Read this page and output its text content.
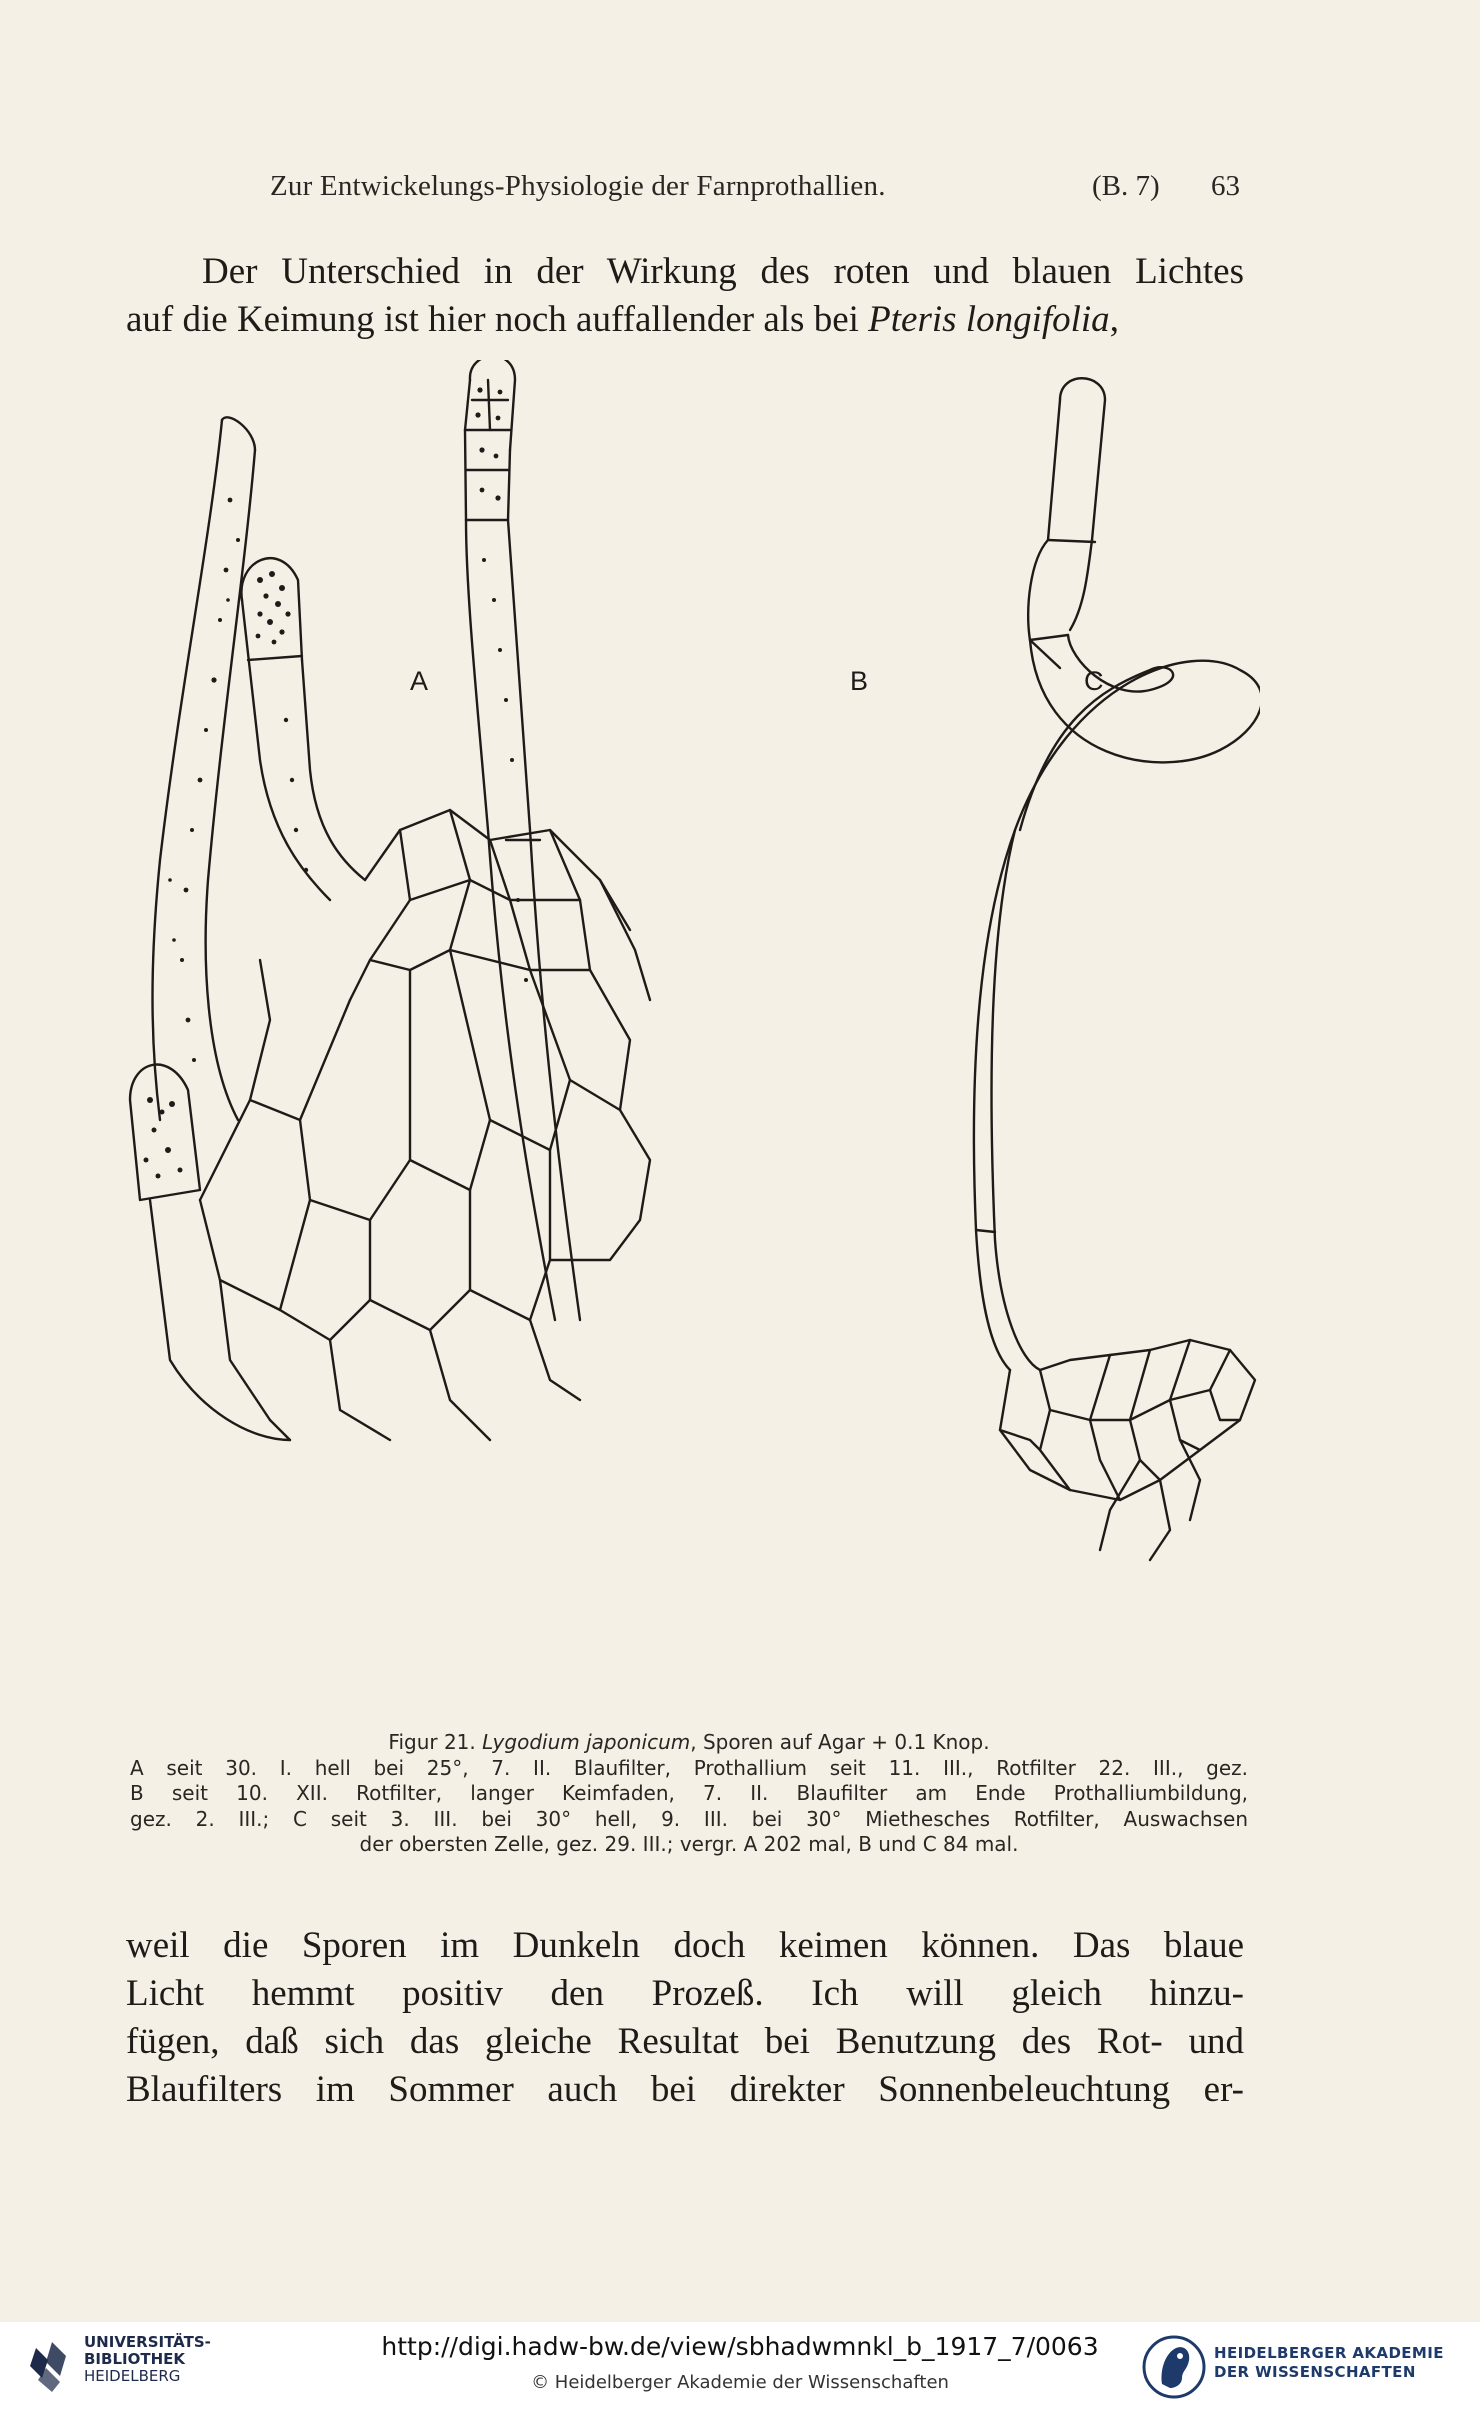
Zur Entwickelungs-Physiologie der Farnprothallien.	(B. 7) 63
Der Unterschied in der Wirkung des roten und blauen Lichtes
auf die Keimung ist hier noch auffallender als bei Pteris longifolia,
A	B	C
Figur 21. Lygodium japonicum, Sporen auf Agar + 0.1 Knop.
A seit 30. I. hell bei 25°, 7. II. Blaufilter, Prothallium seit 11. III., Rotfilter 22. III., gez.
B seit 10. XII. Rotfilter, langer Keimfaden, 7. II. Blaufilter am Ende Prothalliumbildung,
gez. 2. III.; C seit 3. III. bei 30° hell, 9. III. bei 30° Miethesches Rotfilter, Auswachsen
der obersten Zelle, gez. 29. III.; vergr. A 202 mal, B und C 84 mal.
weil die Sporen im Dunkeln doch keimen können. Das blaue
Licht hemmt positiv den Prozeß. Ich will gleich hinzu-
fügen, daß sich das gleiche Resultat bei Benutzung des Rot- und
Blaufilters im Sommer auch bei direkter Sonnenbeleuchtung er-
UNIVERSITÄTS-
BIBLIOTHEK
HEIDELBERG
http://digi.hadw-bw.de/view/sbhadwmnkl_b_1917_7/0063
© Heidelberger Akademie der Wissenschaften
HEIDELBERGER AKADEMIE
DER WISSENSCHAFTEN
